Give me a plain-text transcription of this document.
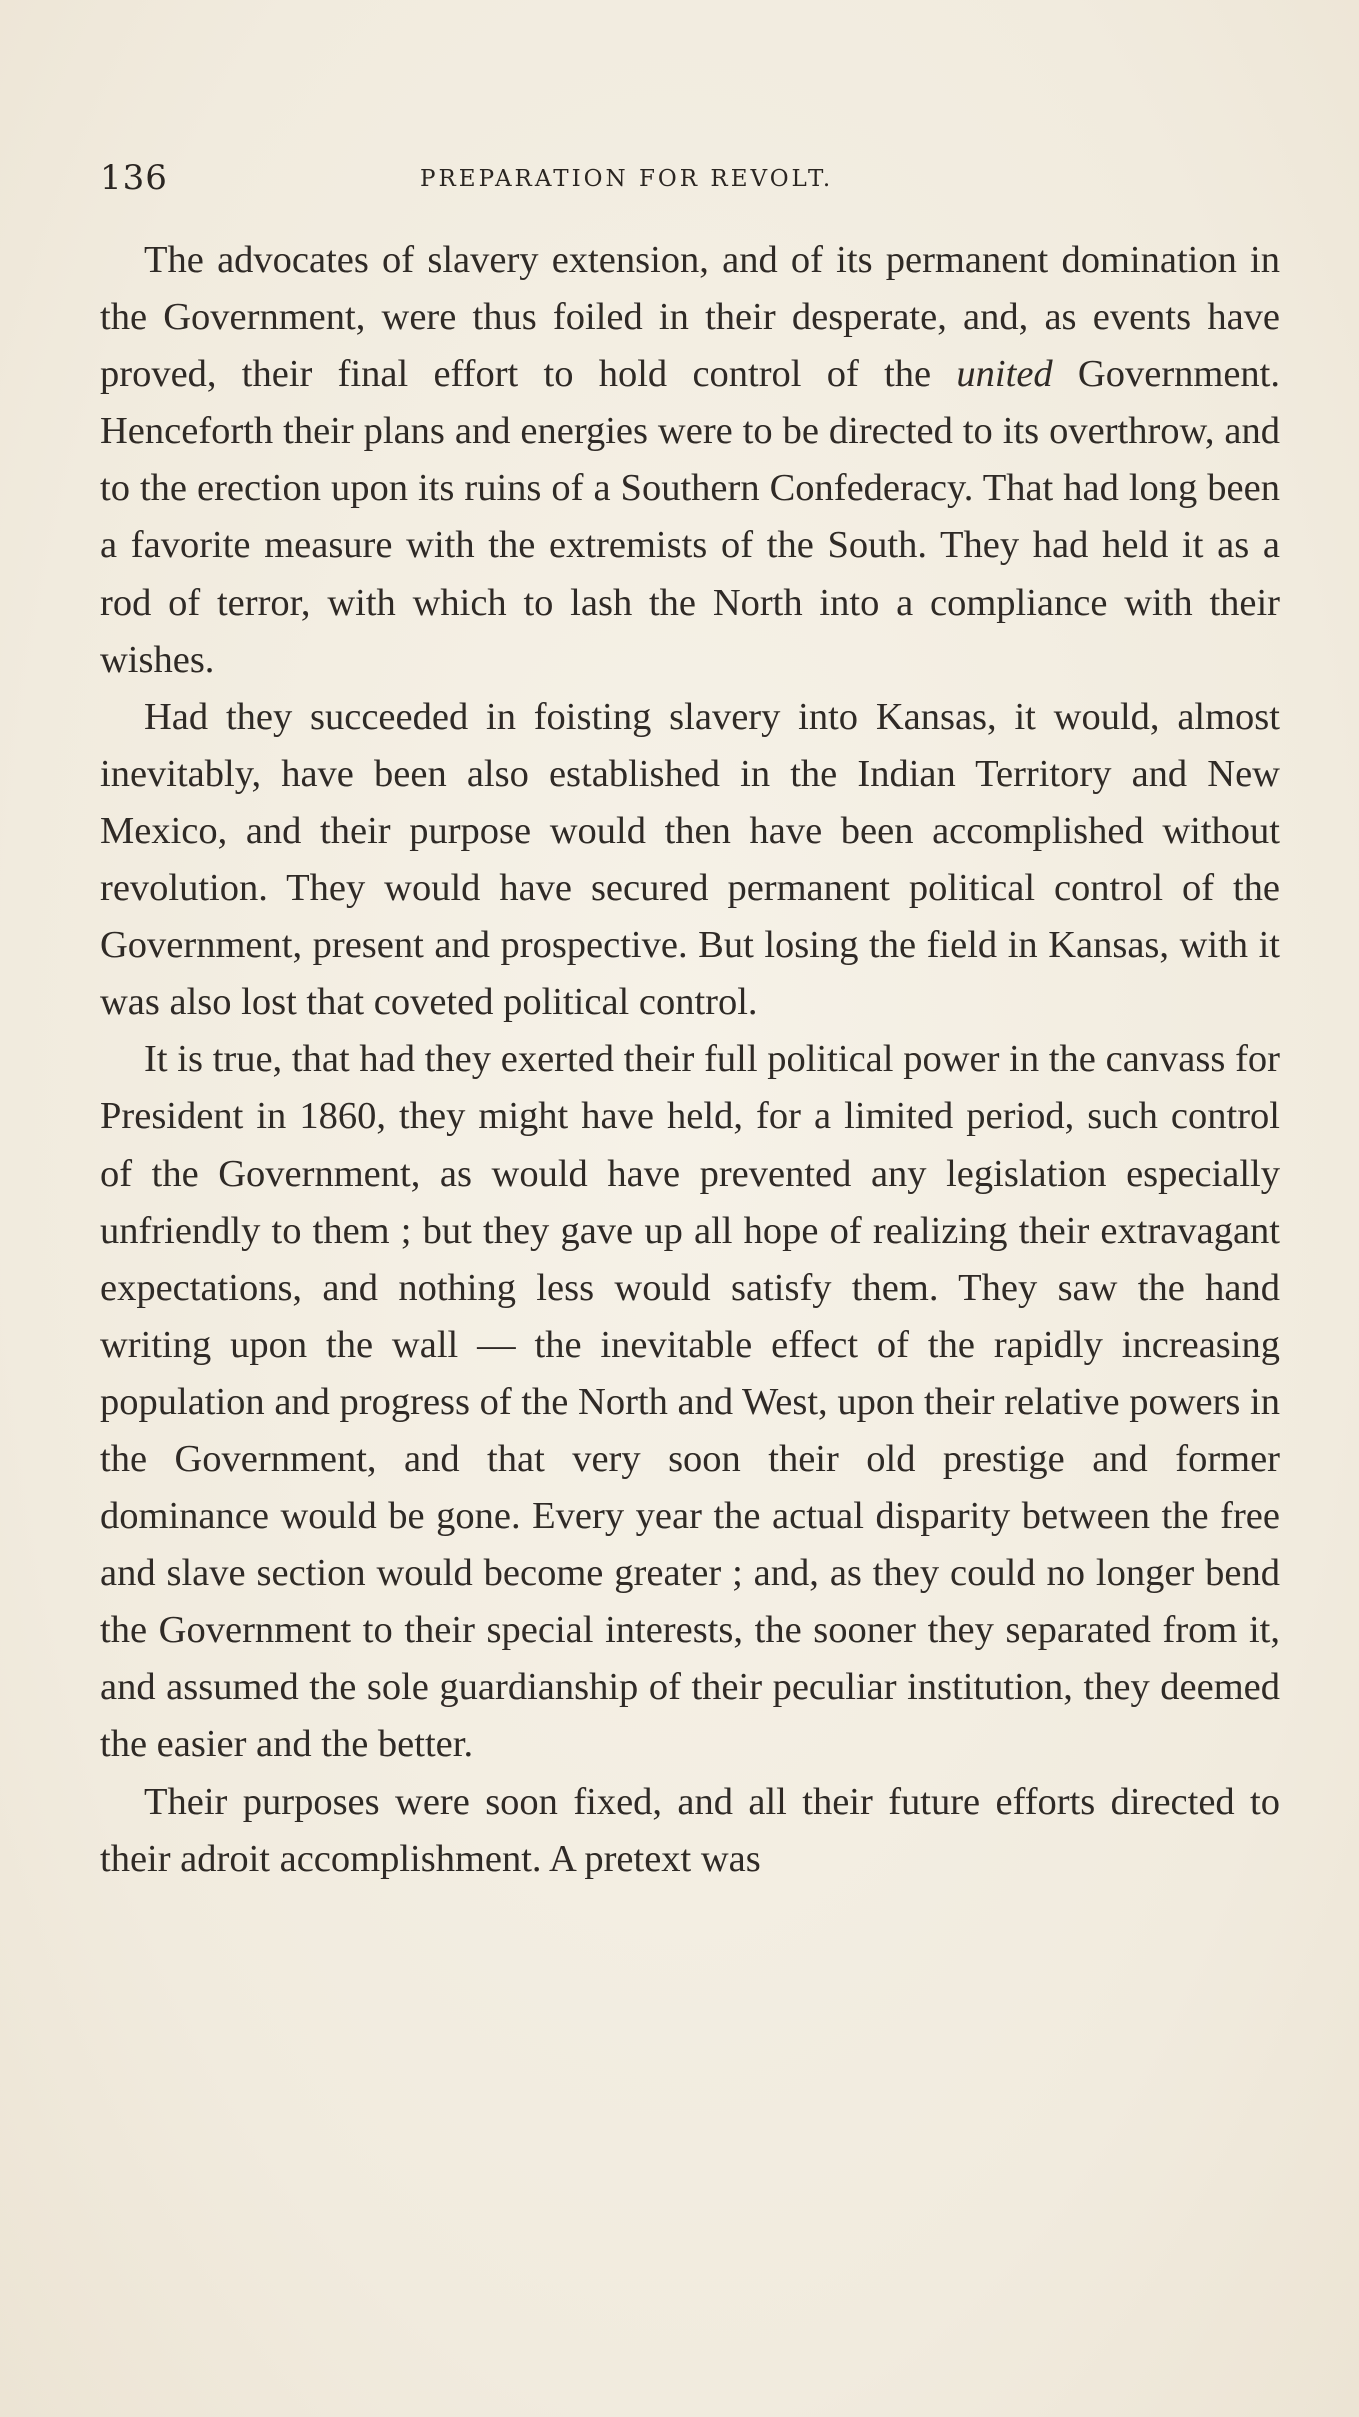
136	PREPARATION FOR REVOLT.

The advocates of slavery extension, and of its permanent domination in the Government, were thus foiled in their desperate, and, as events have proved, their final effort to hold control of the united Government. Henceforth their plans and energies were to be directed to its overthrow, and to the erection upon its ruins of a Southern Confederacy. That had long been a favorite measure with the extremists of the South. They had held it as a rod of terror, with which to lash the North into a compliance with their wishes.

Had they succeeded in foisting slavery into Kansas, it would, almost inevitably, have been also established in the Indian Territory and New Mexico, and their purpose would then have been accomplished without revolution. They would have secured permanent political control of the Government, present and prospective. But losing the field in Kansas, with it was also lost that coveted political control.

It is true, that had they exerted their full political power in the canvass for President in 1860, they might have held, for a limited period, such control of the Government, as would have prevented any legislation especially unfriendly to them ; but they gave up all hope of realizing their extravagant expectations, and nothing less would satisfy them. They saw the hand writing upon the wall — the inevitable effect of the rapidly increasing population and progress of the North and West, upon their relative powers in the Government, and that very soon their old prestige and former dominance would be gone. Every year the actual disparity between the free and slave section would become greater ; and, as they could no longer bend the Government to their special interests, the sooner they separated from it, and assumed the sole guardianship of their peculiar institution, they deemed the easier and the better.

Their purposes were soon fixed, and all their future efforts directed to their adroit accomplishment. A pretext was
